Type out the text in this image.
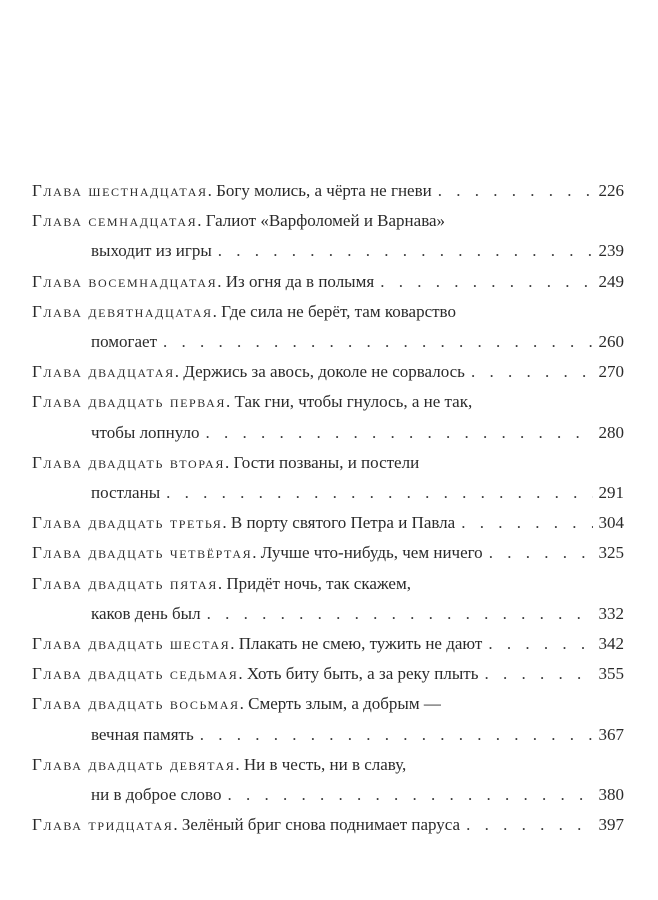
Глава шестнадцатая . Богу молись, а чёрта не гневи . . .	226
Глава семнадцатая . Галиот «Варфоломей и Варнава»
выходит из игры . . .	239
Глава восемнадцатая . Из огня да в полымя . . .	249
Глава девятнадцатая . Где сила не берёт, там коварство
помогает . . .	260
Глава двадцатая . Держись за авось, доколе не сорвалось . . .	270
Глава двадцать первая . Так гни, чтобы гнулось, а не так,
чтобы лопнуло . . .	280
Глава двадцать вторая . Гости позваны, и постели
постланы . . .	291
Глава двадцать третья . В порту святого Петра и Павла . . .	304
Глава двадцать четвёртая . Лучше что-нибудь, чем ничего . . .	325
Глава двадцать пятая . Придёт ночь, так скажем,
каков день был . . .	332
Глава двадцать шестая . Плакать не смею, тужить не дают . . .	342
Глава двадцать седьмая . Хоть биту быть, а за реку плыть . . .	355
Глава двадцать восьмая . Смерть злым, а добрым —
вечная память . . .	367
Глава двадцать девятая . Ни в честь, ни в славу,
ни в доброе слово . . .	380
Глава тридцатая . Зелёный бриг снова поднимает паруса . . .	397
